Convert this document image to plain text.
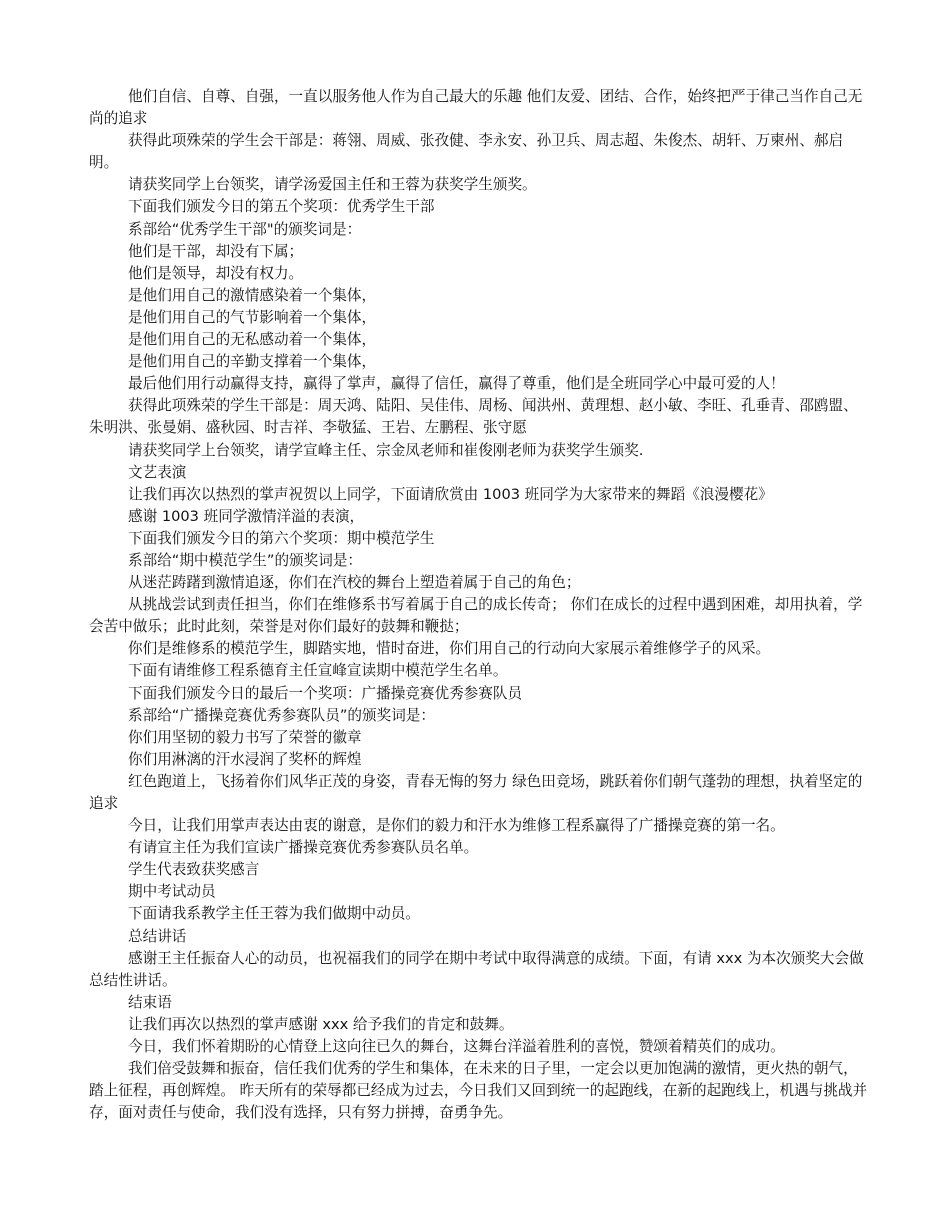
他们自信、自尊、自强，一直以服务他人作为自己最大的乐趣 他们友爱、团结、合作，始终把严于律己当作自己无尚的追求

获得此项殊荣的学生会干部是：蒋翎、周威、张孜健、李永安、孙卫兵、周志超、朱俊杰、胡轩、万柬州、郝启明。

请获奖同学上台领奖，请学汤爱国主任和王蓉为获奖学生颁奖。

下面我们颁发今日的第五个奖项：优秀学生干部

系部给“优秀学生干部"的颁奖词是：

他们是干部，却没有下属；

他们是领导，却没有权力。

是他们用自己的激情感染着一个集体，

是他们用自己的气节影响着一个集体，

是他们用自己的无私感动着一个集体，

是他们用自己的辛勤支撑着一个集体，

最后他们用行动赢得支持，赢得了掌声，赢得了信任，赢得了尊重，他们是全班同学心中最可爱的人！

获得此项殊荣的学生干部是：周天鸿、陆阳、吴佳伟、周杨、闻洪州、黄理想、赵小敏、李旺、孔垂青、邵鸥盟、朱明洪、张曼娟、盛秋园、时吉祥、李敬猛、王岩、左鹏程、张守愿

请获奖同学上台领奖，请学宣峰主任、宗金凤老师和崔俊刚老师为获奖学生颁奖.

文艺表演

让我们再次以热烈的掌声祝贺以上同学，下面请欣赏由 1003 班同学为大家带来的舞蹈《浪漫樱花》

感谢 1003 班同学激情洋溢的表演，

下面我们颁发今日的第六个奖项：期中模范学生

系部给“期中模范学生”的颁奖词是：

从迷茫踌躇到激情追逐，你们在汽校的舞台上塑造着属于自己的角色；

从挑战尝试到责任担当，你们在维修系书写着属于自己的成长传奇； 你们在成长的过程中遇到困难，却用执着，学会苦中做乐；此时此刻，荣誉是对你们最好的鼓舞和鞭挞；

你们是维修系的模范学生，脚踏实地，惜时奋进，你们用自己的行动向大家展示着维修学子的风采。

下面有请维修工程系德育主任宣峰宣读期中模范学生名单。

下面我们颁发今日的最后一个奖项：广播操竞赛优秀参赛队员

系部给“广播操竞赛优秀参赛队员”的颁奖词是：

你们用坚韧的毅力书写了荣誉的徽章

你们用淋漓的汗水浸润了奖杯的辉煌

红色跑道上，飞扬着你们风华正茂的身姿，青春无悔的努力 绿色田竞场，跳跃着你们朝气蓬勃的理想，执着坚定的追求

今日，让我们用掌声表达由衷的谢意，是你们的毅力和汗水为维修工程系赢得了广播操竞赛的第一名。

有请宣主任为我们宣读广播操竞赛优秀参赛队员名单。

学生代表致获奖感言

期中考试动员

下面请我系教学主任王蓉为我们做期中动员。

总结讲话

感谢王主任振奋人心的动员，也祝福我们的同学在期中考试中取得满意的成绩。下面，有请 xxx 为本次颁奖大会做总结性讲话。

结束语

让我们再次以热烈的掌声感谢 xxx 给予我们的肯定和鼓舞。

今日，我们怀着期盼的心情登上这向往已久的舞台，这舞台洋溢着胜利的喜悦，赞颂着精英们的成功。

我们倍受鼓舞和振奋，信任我们优秀的学生和集体，在未来的日子里，一定会以更加饱满的激情，更火热的朝气，踏上征程，再创辉煌。 昨天所有的荣辱都已经成为过去，今日我们又回到统一的起跑线，在新的起跑线上，机遇与挑战并存，面对责任与使命，我们没有选择，只有努力拼搏，奋勇争先。
